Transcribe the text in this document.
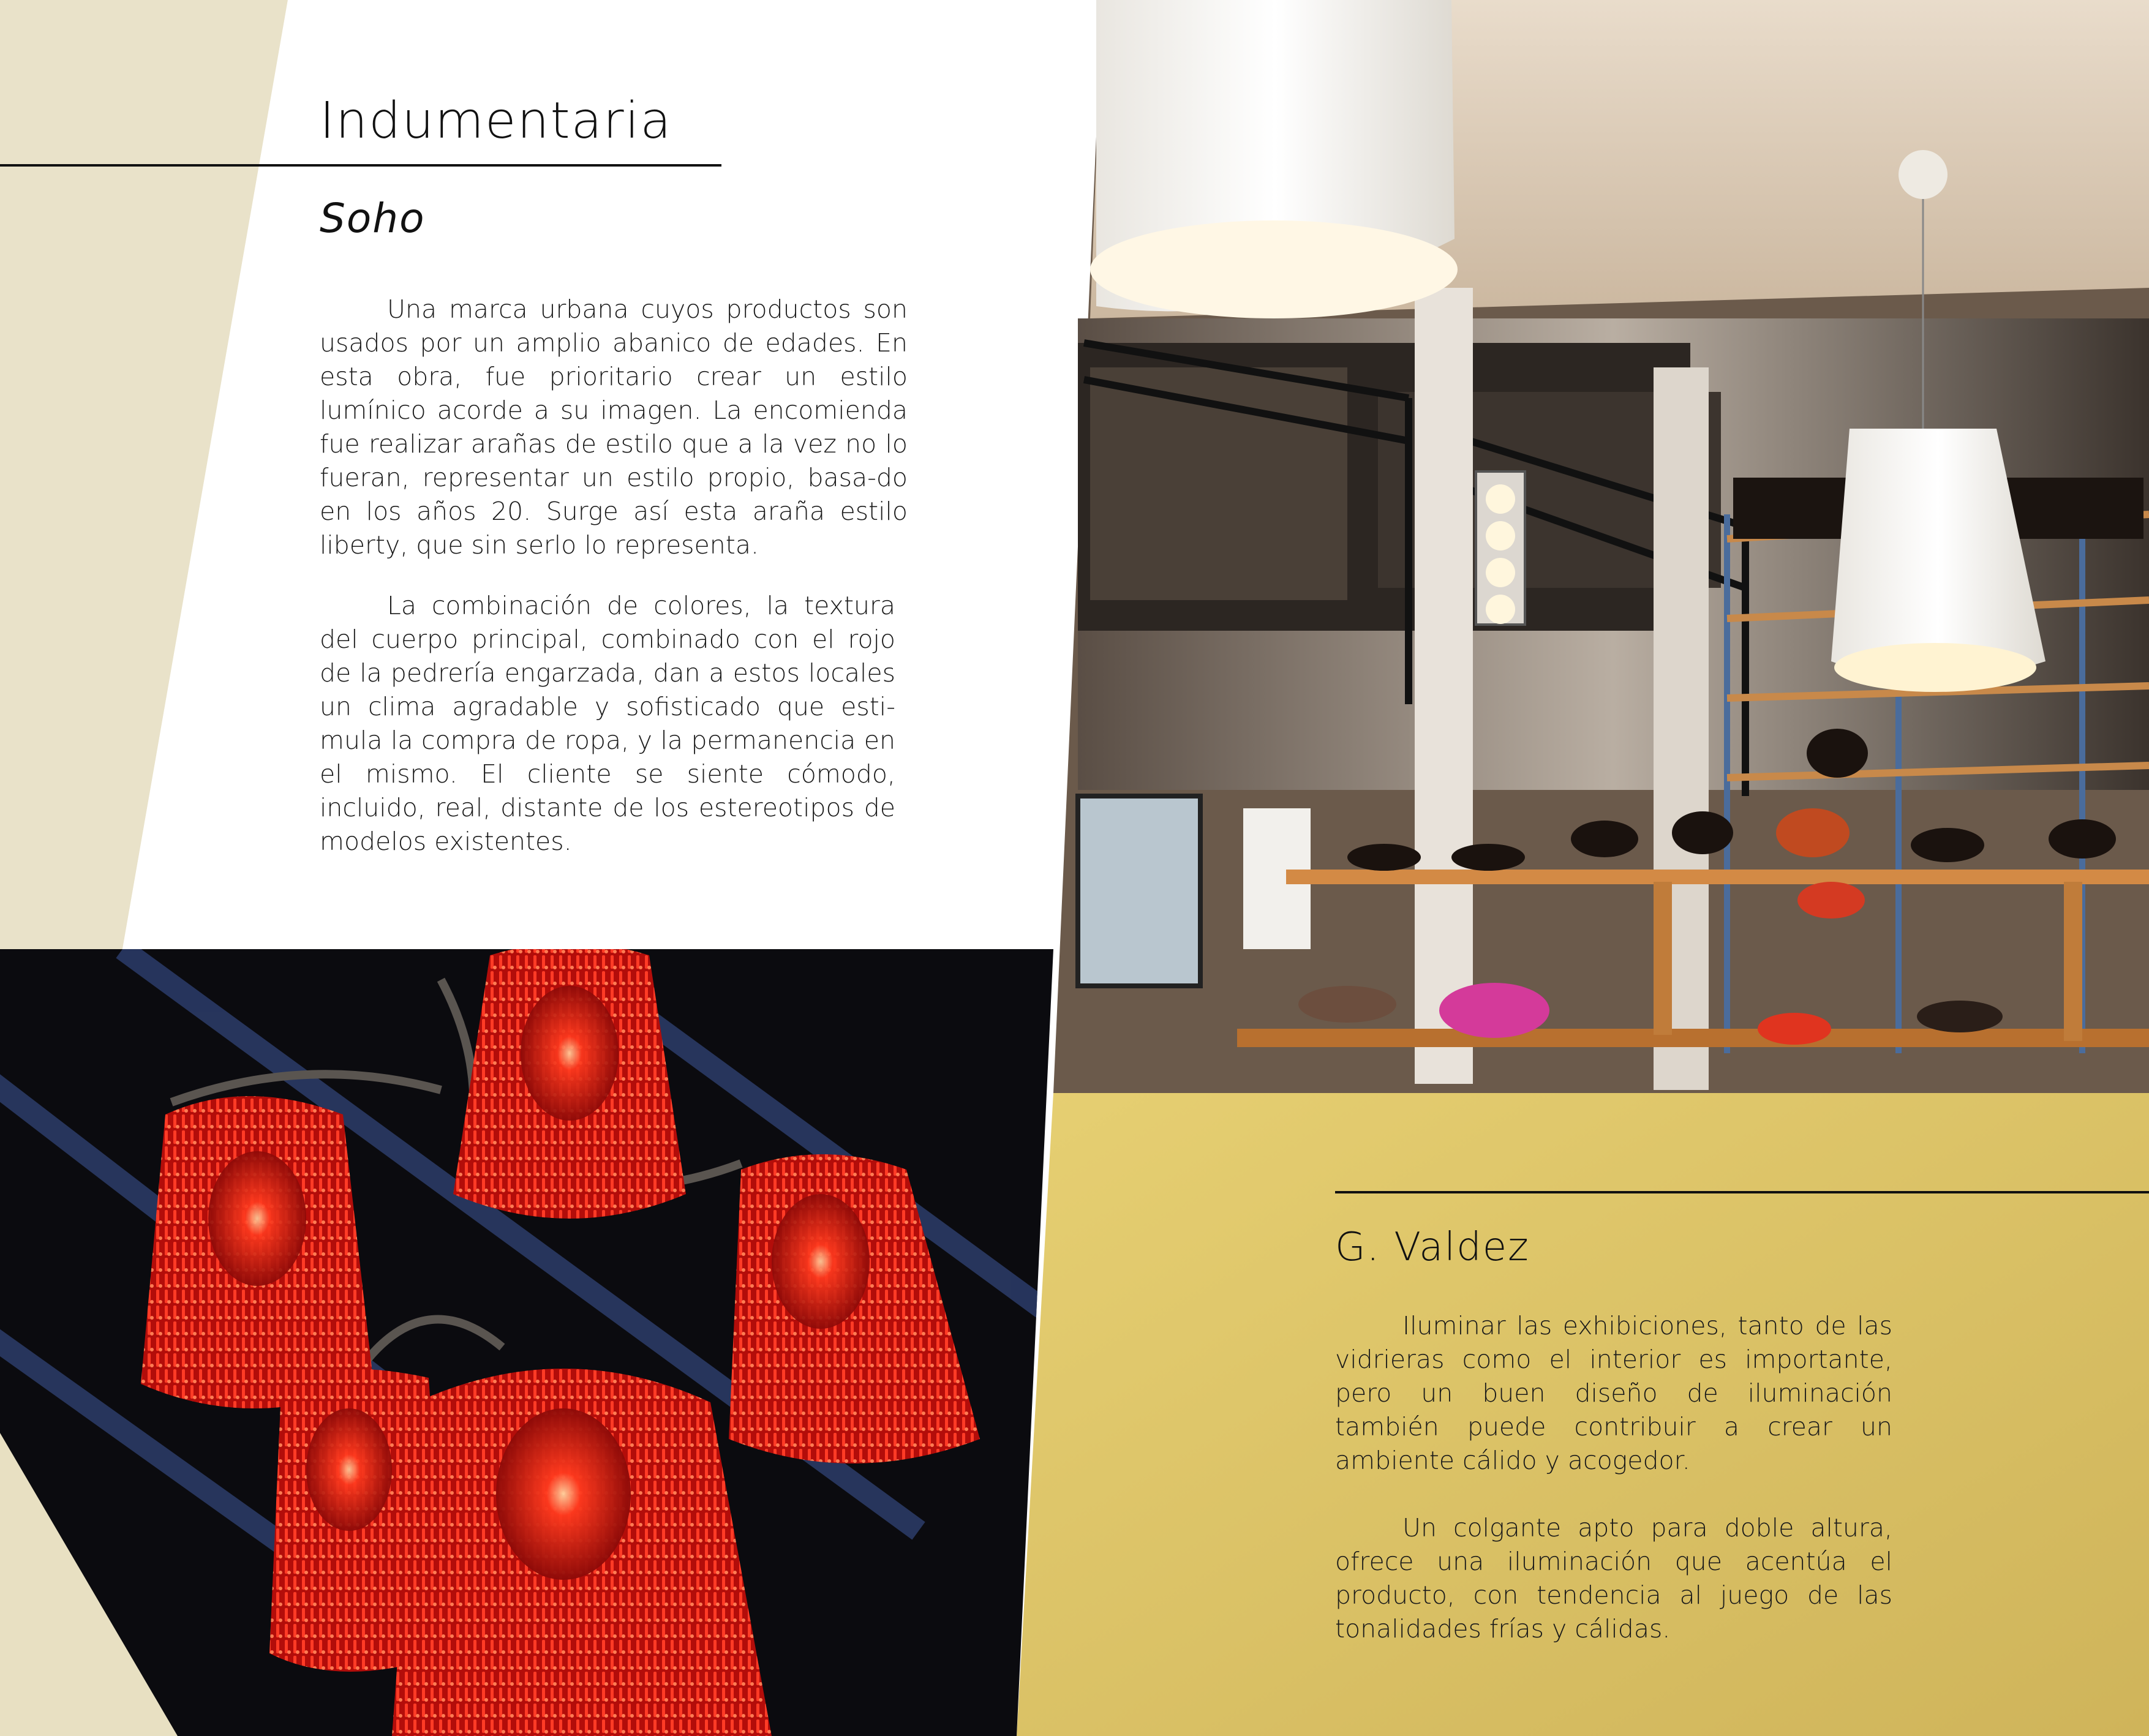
Indumentaria
Soho

Una marca urbana cuyos productos son usados por un amplio abanico de edades. En esta obra, fue prioritario crear un estilo lumínico acorde a su imagen. La encomienda fue realizar arañas de estilo que a la vez no lo fueran, representar un estilo propio, basa-do en los años 20. Surge así esta araña estilo liberty, que sin serlo lo representa.

La combinación de colores, la textura del cuerpo principal, combinado con el rojo de la pedrería engarzada, dan a estos locales un clima agradable y sofisticado que esti-mula la compra de ropa, y la permanencia en el mismo. El cliente se siente cómodo, incluido, real, distante de los estereotipos de modelos existentes.

G. Valdez

Iluminar las exhibiciones, tanto de las vidrieras como el interior es importante, pero un buen diseño de iluminación también puede contribuir a crear un ambiente cálido y acogedor.

Un colgante apto para doble altura, ofrece una iluminación que acentúa el producto, con tendencia al juego de las tonalidades frías y cálidas.
